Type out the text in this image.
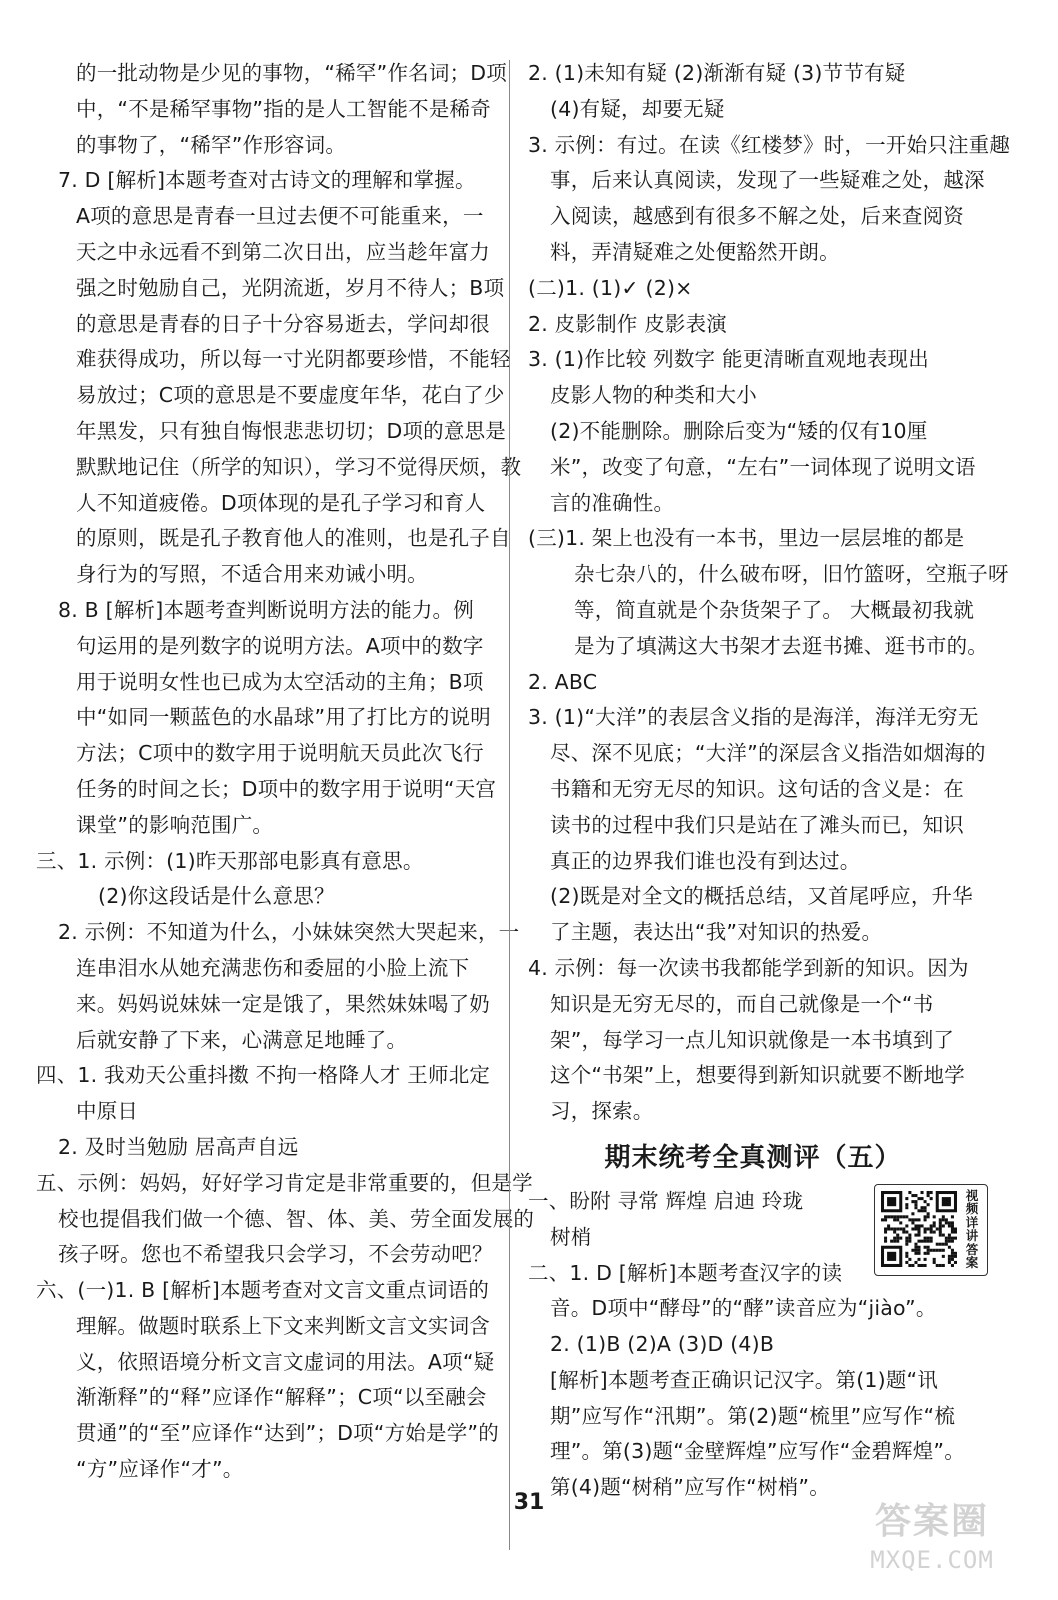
的一批动物是少见的事物，“稀罕”作名词；D项
中，“不是稀罕事物”指的是人工智能不是稀奇
的事物了，“稀罕”作形容词。
7. D [解析]本题考查对古诗文的理解和掌握。
A项的意思是青春一旦过去便不可能重来，一
天之中永远看不到第二次日出，应当趁年富力
强之时勉励自己，光阴流逝，岁月不待人；B项
的意思是青春的日子十分容易逝去，学问却很
难获得成功，所以每一寸光阴都要珍惜，不能轻
易放过；C项的意思是不要虚度年华，花白了少
年黑发，只有独自悔恨悲悲切切；D项的意思是
默默地记住（所学的知识），学习不觉得厌烦，教
人不知道疲倦。D项体现的是孔子学习和育人
的原则，既是孔子教育他人的准则，也是孔子自
身行为的写照，不适合用来劝诫小明。
8. B [解析]本题考查判断说明方法的能力。例
句运用的是列数字的说明方法。A项中的数字
用于说明女性也已成为太空活动的主角；B项
中“如同一颗蓝色的水晶球”用了打比方的说明
方法；C项中的数字用于说明航天员此次飞行
任务的时间之长；D项中的数字用于说明“天宫
课堂”的影响范围广。
三、1. 示例：(1)昨天那部电影真有意思。
(2)你这段话是什么意思？
2. 示例：不知道为什么，小妹妹突然大哭起来，一
连串泪水从她充满悲伤和委屈的小脸上流下
来。妈妈说妹妹一定是饿了，果然妹妹喝了奶
后就安静了下来，心满意足地睡了。
四、1. 我劝天公重抖擞 不拘一格降人才 王师北定
中原日
2. 及时当勉励 居高声自远
五、示例：妈妈，好好学习肯定是非常重要的，但是学
校也提倡我们做一个德、智、体、美、劳全面发展的
孩子呀。您也不希望我只会学习，不会劳动吧？
六、(一)1. B [解析]本题考查对文言文重点词语的
理解。做题时联系上下文来判断文言文实词含
义，依照语境分析文言文虚词的用法。A项“疑
渐渐释”的“释”应译作“解释”；C项“以至融会
贯通”的“至”应译作“达到”；D项“方始是学”的
“方”应译作“才”。
2. (1)未知有疑 (2)渐渐有疑 (3)节节有疑
(4)有疑，却要无疑
3. 示例：有过。在读《红楼梦》时，一开始只注重趣
事，后来认真阅读，发现了一些疑难之处，越深
入阅读，越感到有很多不解之处，后来查阅资
料，弄清疑难之处便豁然开朗。
(二)1. (1)✓ (2)×
2. 皮影制作 皮影表演
3. (1)作比较 列数字 能更清晰直观地表现出
皮影人物的种类和大小
(2)不能删除。删除后变为“矮的仅有10厘
米”，改变了句意，“左右”一词体现了说明文语
言的准确性。
(三)1. 架上也没有一本书，里边一层层堆的都是
杂七杂八的，什么破布呀，旧竹篮呀，空瓶子呀
等，简直就是个杂货架子了。 大概最初我就
是为了填满这大书架才去逛书摊、逛书市的。
2. ABC
3. (1)“大洋”的表层含义指的是海洋，海洋无穷无
尽、深不见底；“大洋”的深层含义指浩如烟海的
书籍和无穷无尽的知识。这句话的含义是：在
读书的过程中我们只是站在了滩头而已，知识
真正的边界我们谁也没有到达过。
(2)既是对全文的概括总结，又首尾呼应，升华
了主题，表达出“我”对知识的热爱。
4. 示例：每一次读书我都能学到新的知识。因为
知识是无穷无尽的，而自己就像是一个“书
架”，每学习一点儿知识就像是一本书填到了
这个“书架”上，想要得到新知识就要不断地学
习，探索。
期末统考全真测评（五）
视频详讲答案
一、盼附 寻常 辉煌 启迪 玲珑
树梢
二、1. D [解析]本题考查汉字的读
音。D项中“酵母”的“酵”读音应为“jiào”。
2. (1)B (2)A (3)D (4)B
[解析]本题考查正确识记汉字。第(1)题“讯
期”应写作“汛期”。第(2)题“梳里”应写作“梳
理”。第(3)题“金壁辉煌”应写作“金碧辉煌”。
第(4)题“树稍”应写作“树梢”。
31	答案圈
MXQE.COM
